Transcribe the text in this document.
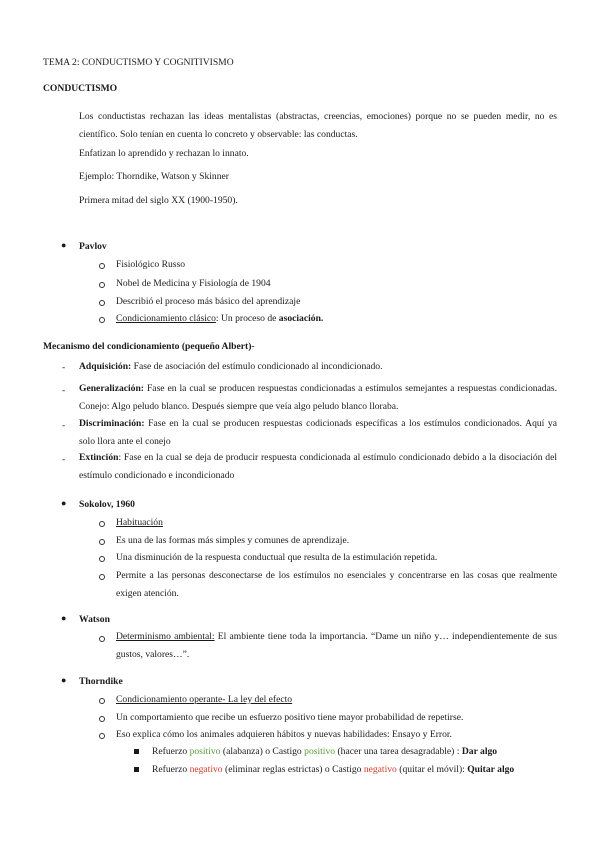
TEMA 2: CONDUCTISMO Y COGNITIVISMO
CONDUCTISMO
Los conductistas rechazan las ideas mentalistas (abstractas, creencias, emociones) porque no se pueden medir, no es científico. Solo tenían en cuenta lo concreto y observable: las conductas.
Enfatizan lo aprendido y rechazan lo innato.
Ejemplo: Thorndike, Watson y Skinner
Primera mitad del siglo XX (1900-1950).
● Pavlov
Fisiológico Russo
Nobel de Medicina y Fisiología de 1904
Describió el proceso más básico del aprendizaje
Condicionamiento clásico: Un proceso de asociación.
Mecanismo del condicionamiento (pequeño Albert)-
- Adquisición: Fase de asociación del estímulo condicionado al incondicionado.
- Generalización: Fase en la cual se producen respuestas condicionadas a estímulos semejantes a respuestas condicionadas. Conejo: Algo peludo blanco. Después siempre que veía algo peludo blanco lloraba.
- Discriminación: Fase en la cual se producen respuestas codicionads específicas a los estímulos condicionados. Aquí ya solo llora ante el conejo
- Extinción: Fase en la cual se deja de producir respuesta condicionada al estímulo condicionado debido a la disociación del estímulo condicionado e incondicionado
● Sokolov, 1960
Habituación
Es una de las formas más simples y comunes de aprendizaje.
Una disminución de la respuesta conductual que resulta de la estimulación repetida.
Permite a las personas desconectarse de los estímulos no esenciales y concentrarse en las cosas que realmente exigen atención.
● Watson
Determinismo ambiental: El ambiente tiene toda la importancia. “Dame un niño y… independientemente de sus gustos, valores…”.
● Thorndike
Condicionamiento operante- La ley del efecto
Un comportamiento que recibe un esfuerzo positivo tiene mayor probabilidad de repetirse.
Eso explica cómo los animales adquieren hábitos y nuevas habilidades: Ensayo y Error.
Refuerzo positivo (alabanza) o Castigo positivo (hacer una tarea desagradable) : Dar algo
Refuerzo negativo (eliminar reglas estrictas) o Castigo negativo (quitar el móvil): Quitar algo
